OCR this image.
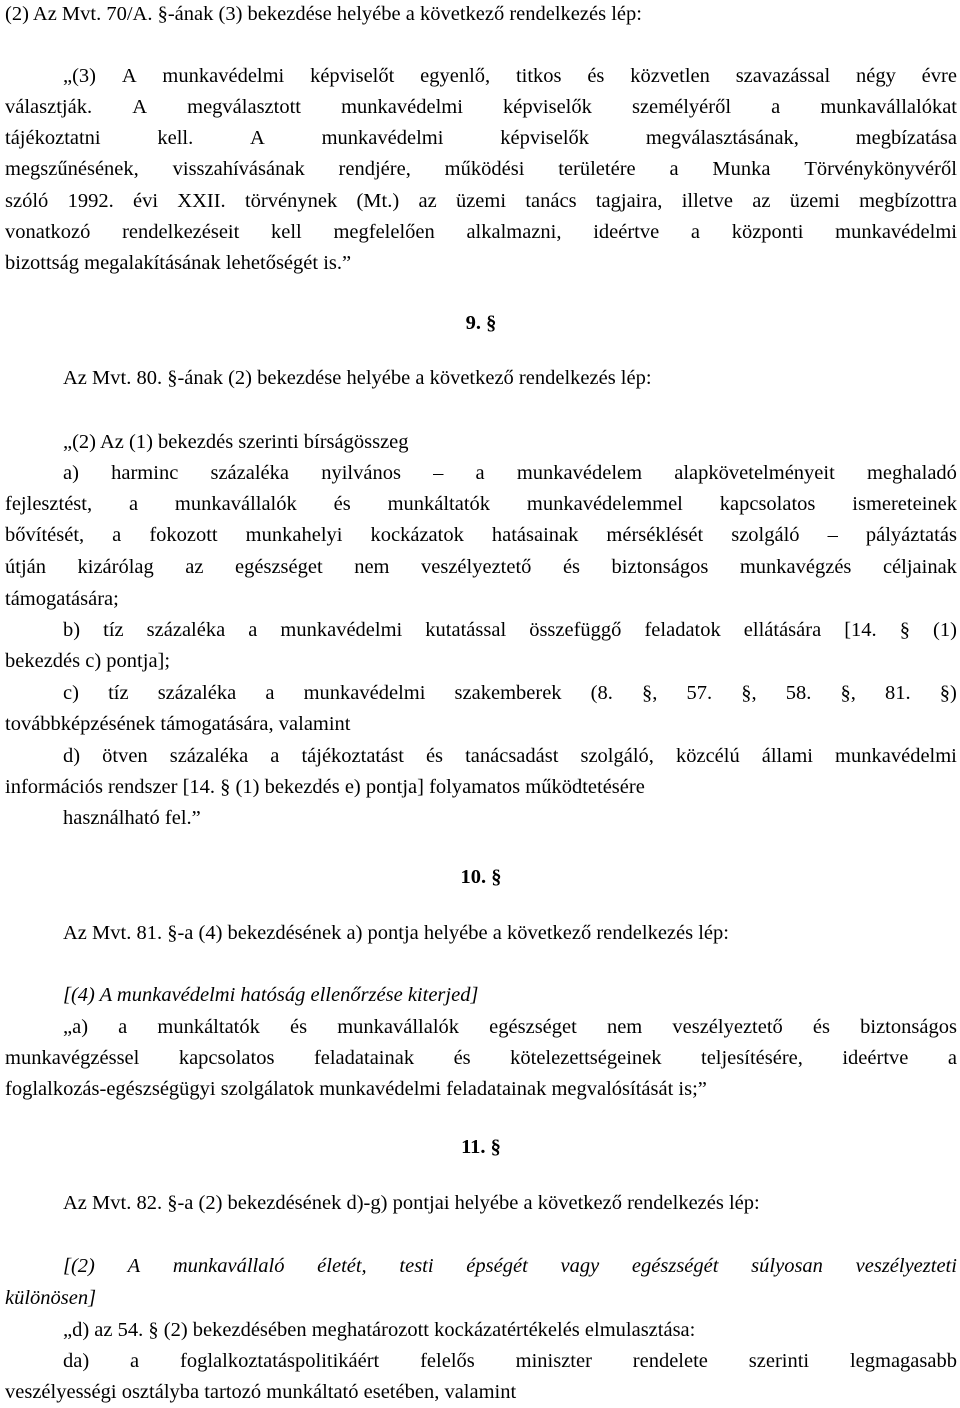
(2) Az Mvt. 70/A. §-ának (3) bekezdése helyébe a következő rendelkezés lép:
„(3) A munkavédelmi képviselőt egyenlő, titkos és közvetlen szavazással négy évre
választják. A megválasztott munkavédelmi képviselők személyéről a munkavállalókat
tájékoztatni	kell.	A	munkavédelmi	képviselők	megválasztásának,	megbízatása
megszűnésének, visszahívásának rendjére, működési területére a Munka Törvénykönyvéről
szóló 1992. évi XXII. törvénynek (Mt.) az üzemi tanács tagjaira, illetve az üzemi megbízottra
vonatkozó rendelkezéseit kell megfelelően alkalmazni, ideértve a központi munkavédelmi
bizottság megalakításának lehetőségét is.”
9. §
Az Mvt. 80. §-ának (2) bekezdése helyébe a következő rendelkezés lép:
„(2) Az (1) bekezdés szerinti bírságösszeg
a) harminc százaléka nyilvános – a munkavédelem alapkövetelményeit meghaladó
fejlesztést, a munkavállalók és munkáltatók munkavédelemmel kapcsolatos ismereteinek
bővítését, a fokozott munkahelyi kockázatok hatásainak mérséklését szolgáló – pályáztatás
útján kizárólag az egészséget nem veszélyeztető és biztonságos munkavégzés céljainak
támogatására;
b) tíz százaléka a munkavédelmi kutatással összefüggő feladatok ellátására [14. § (1)
bekezdés c) pontja];
c) tíz százaléka a munkavédelmi szakemberek (8. §, 57. §, 58. §, 81. §)
továbbképzésének támogatására, valamint
d) ötven százaléka a tájékoztatást és tanácsadást szolgáló, közcélú állami munkavédelmi
információs rendszer [14. § (1) bekezdés e) pontja] folyamatos működtetésére
használható fel.”
10. §
Az Mvt. 81. §-a (4) bekezdésének a) pontja helyébe a következő rendelkezés lép:
[(4) A munkavédelmi hatóság ellenőrzése kiterjed]
„a) a munkáltatók és munkavállalók egészséget nem veszélyeztető és biztonságos
munkavégzéssel kapcsolatos feladatainak és kötelezettségeinek teljesítésére, ideértve a
foglalkozás-egészségügyi szolgálatok munkavédelmi feladatainak megvalósítását is;”
11. §
Az Mvt. 82. §-a (2) bekezdésének d)-g) pontjai helyébe a következő rendelkezés lép:
[(2) A munkavállaló életét, testi épségét vagy egészségét súlyosan veszélyezteti
különösen]
„d) az 54. § (2) bekezdésében meghatározott kockázatértékelés elmulasztása:
da) a foglalkoztatáspolitikáért felelős miniszter rendelete szerinti legmagasabb
veszélyességi osztályba tartozó munkáltató esetében, valamint
